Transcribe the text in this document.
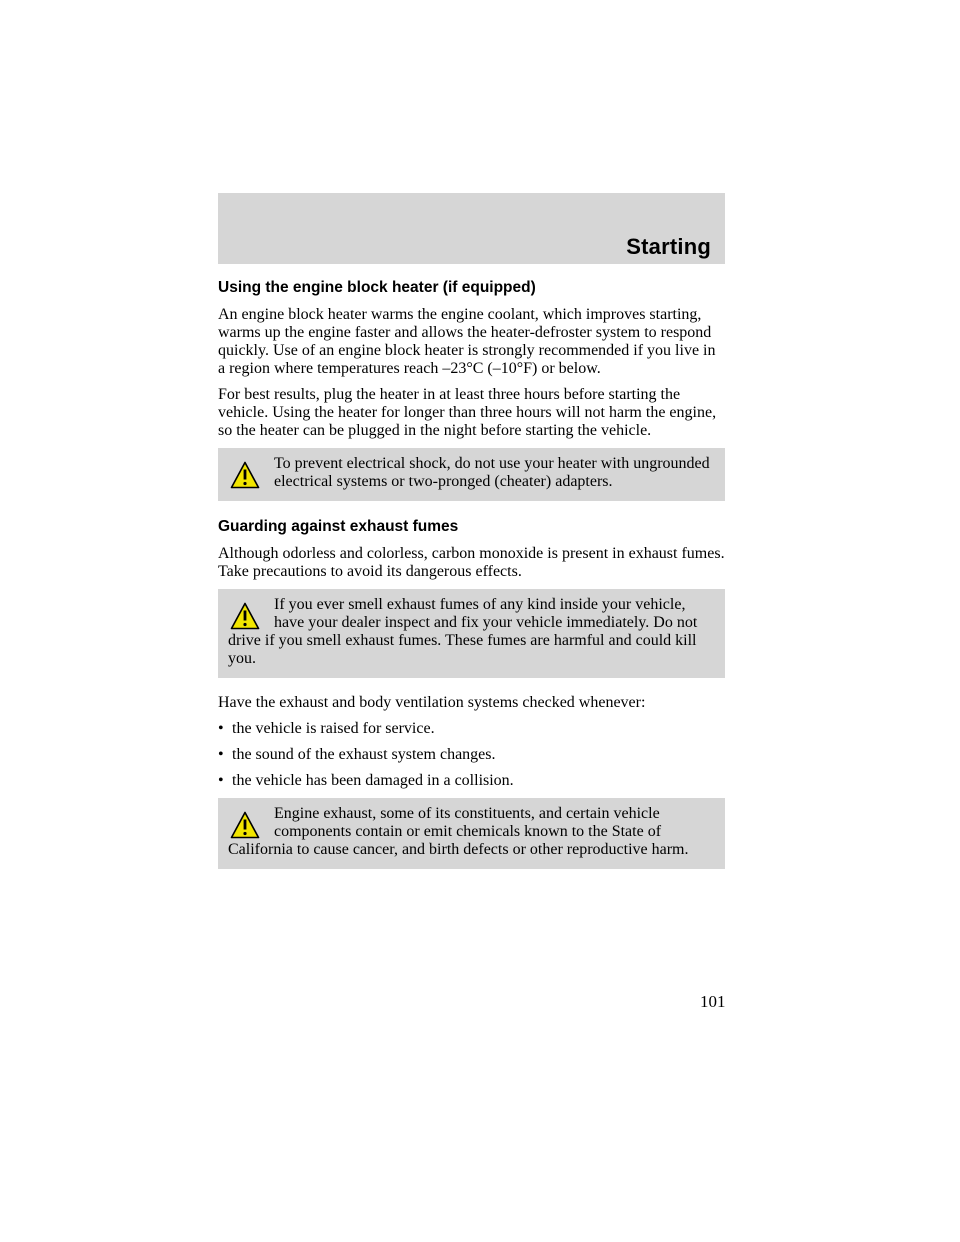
Starting
Using the engine block heater (if equipped)

An engine block heater warms the engine coolant, which improves starting, warms up the engine faster and allows the heater-defroster system to respond quickly. Use of an engine block heater is strongly recommended if you live in a region where temperatures reach –23°C (–10°F) or below.

For best results, plug the heater in at least three hours before starting the vehicle. Using the heater for longer than three hours will not harm the engine, so the heater can be plugged in the night before starting the vehicle.

To prevent electrical shock, do not use your heater with ungrounded electrical systems or two-pronged (cheater) adapters.
Guarding against exhaust fumes

Although odorless and colorless, carbon monoxide is present in exhaust fumes. Take precautions to avoid its dangerous effects.

If you ever smell exhaust fumes of any kind inside your vehicle, have your dealer inspect and fix your vehicle immediately. Do not drive if you smell exhaust fumes. These fumes are harmful and could kill you.

Have the exhaust and body ventilation systems checked whenever:

• the vehicle is raised for service.
• the sound of the exhaust system changes.
• the vehicle has been damaged in a collision.
Engine exhaust, some of its constituents, and certain vehicle components contain or emit chemicals known to the State of California to cause cancer, and birth defects or other reproductive harm.
101
